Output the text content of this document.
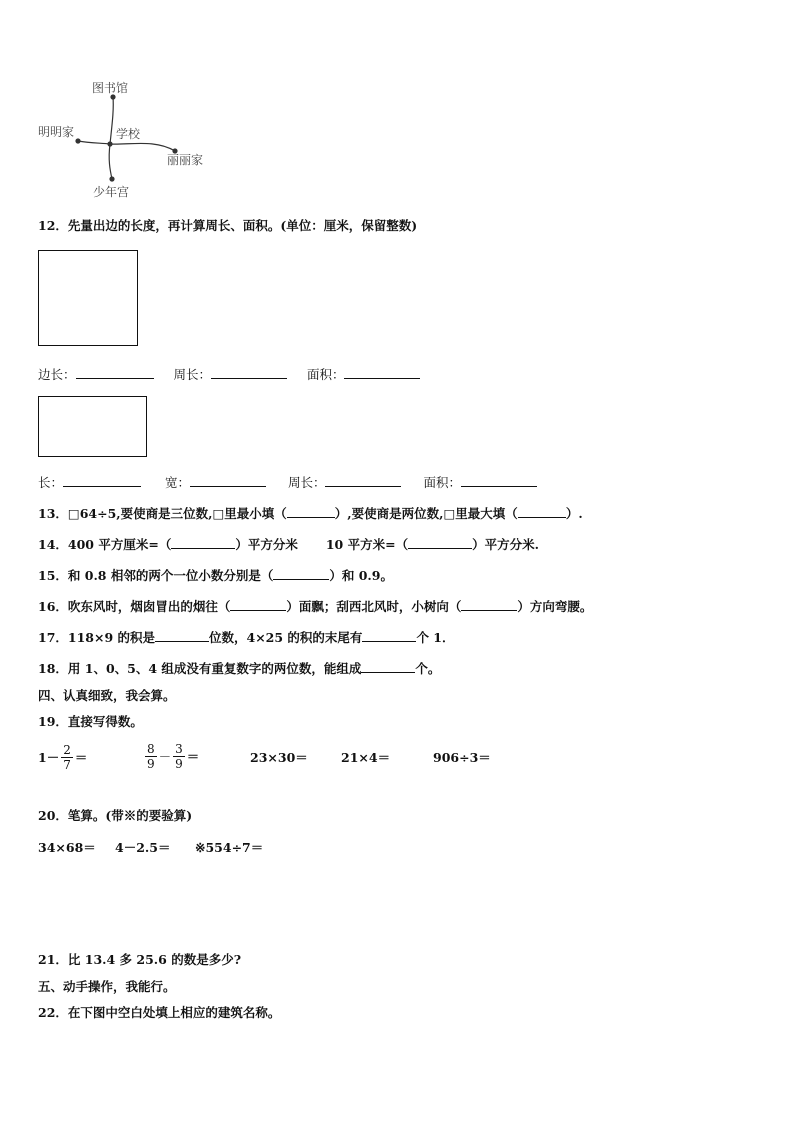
图书馆
明明家	学校
丽丽家
少年宫
12．先量出边的长度，再计算周长、面积。(单位：厘米，保留整数)
边长：	周长：	面积：
长：	宽：	周长：	面积：
13．□64÷5,要使商是三位数,□里最小填（	）,要使商是两位数,□里最大填（	）.
14．400 平方厘米=（	）平方分米 10 平方米=（	）平方分米.
15．和 0.8 相邻的两个一位小数分别是（	）和 0.9。
16．吹东风时，烟囱冒出的烟往（	）面飘；刮西北风时，小树向（	）方向弯腰。
17．118×9 的积是	位数，4×25 的积的末尾有	个 1．
18．用 1、0、5、4 组成没有重复数字的两位数，能组成	个。
四、认真细致，我会算。
19．直接写得数。
$1- \frac{2}{7}$ ＝	$\frac{8}{9} - \frac{3}{9}$ ＝	23×30＝	21×4＝	906÷3＝
20．笔算。(带※的要验算)
34×68＝ 4－2.5＝ ※554÷7＝
21．比 13.4 多 25.6 的数是多少?
五、动手操作，我能行。
22．在下图中空白处填上相应的建筑名称。
